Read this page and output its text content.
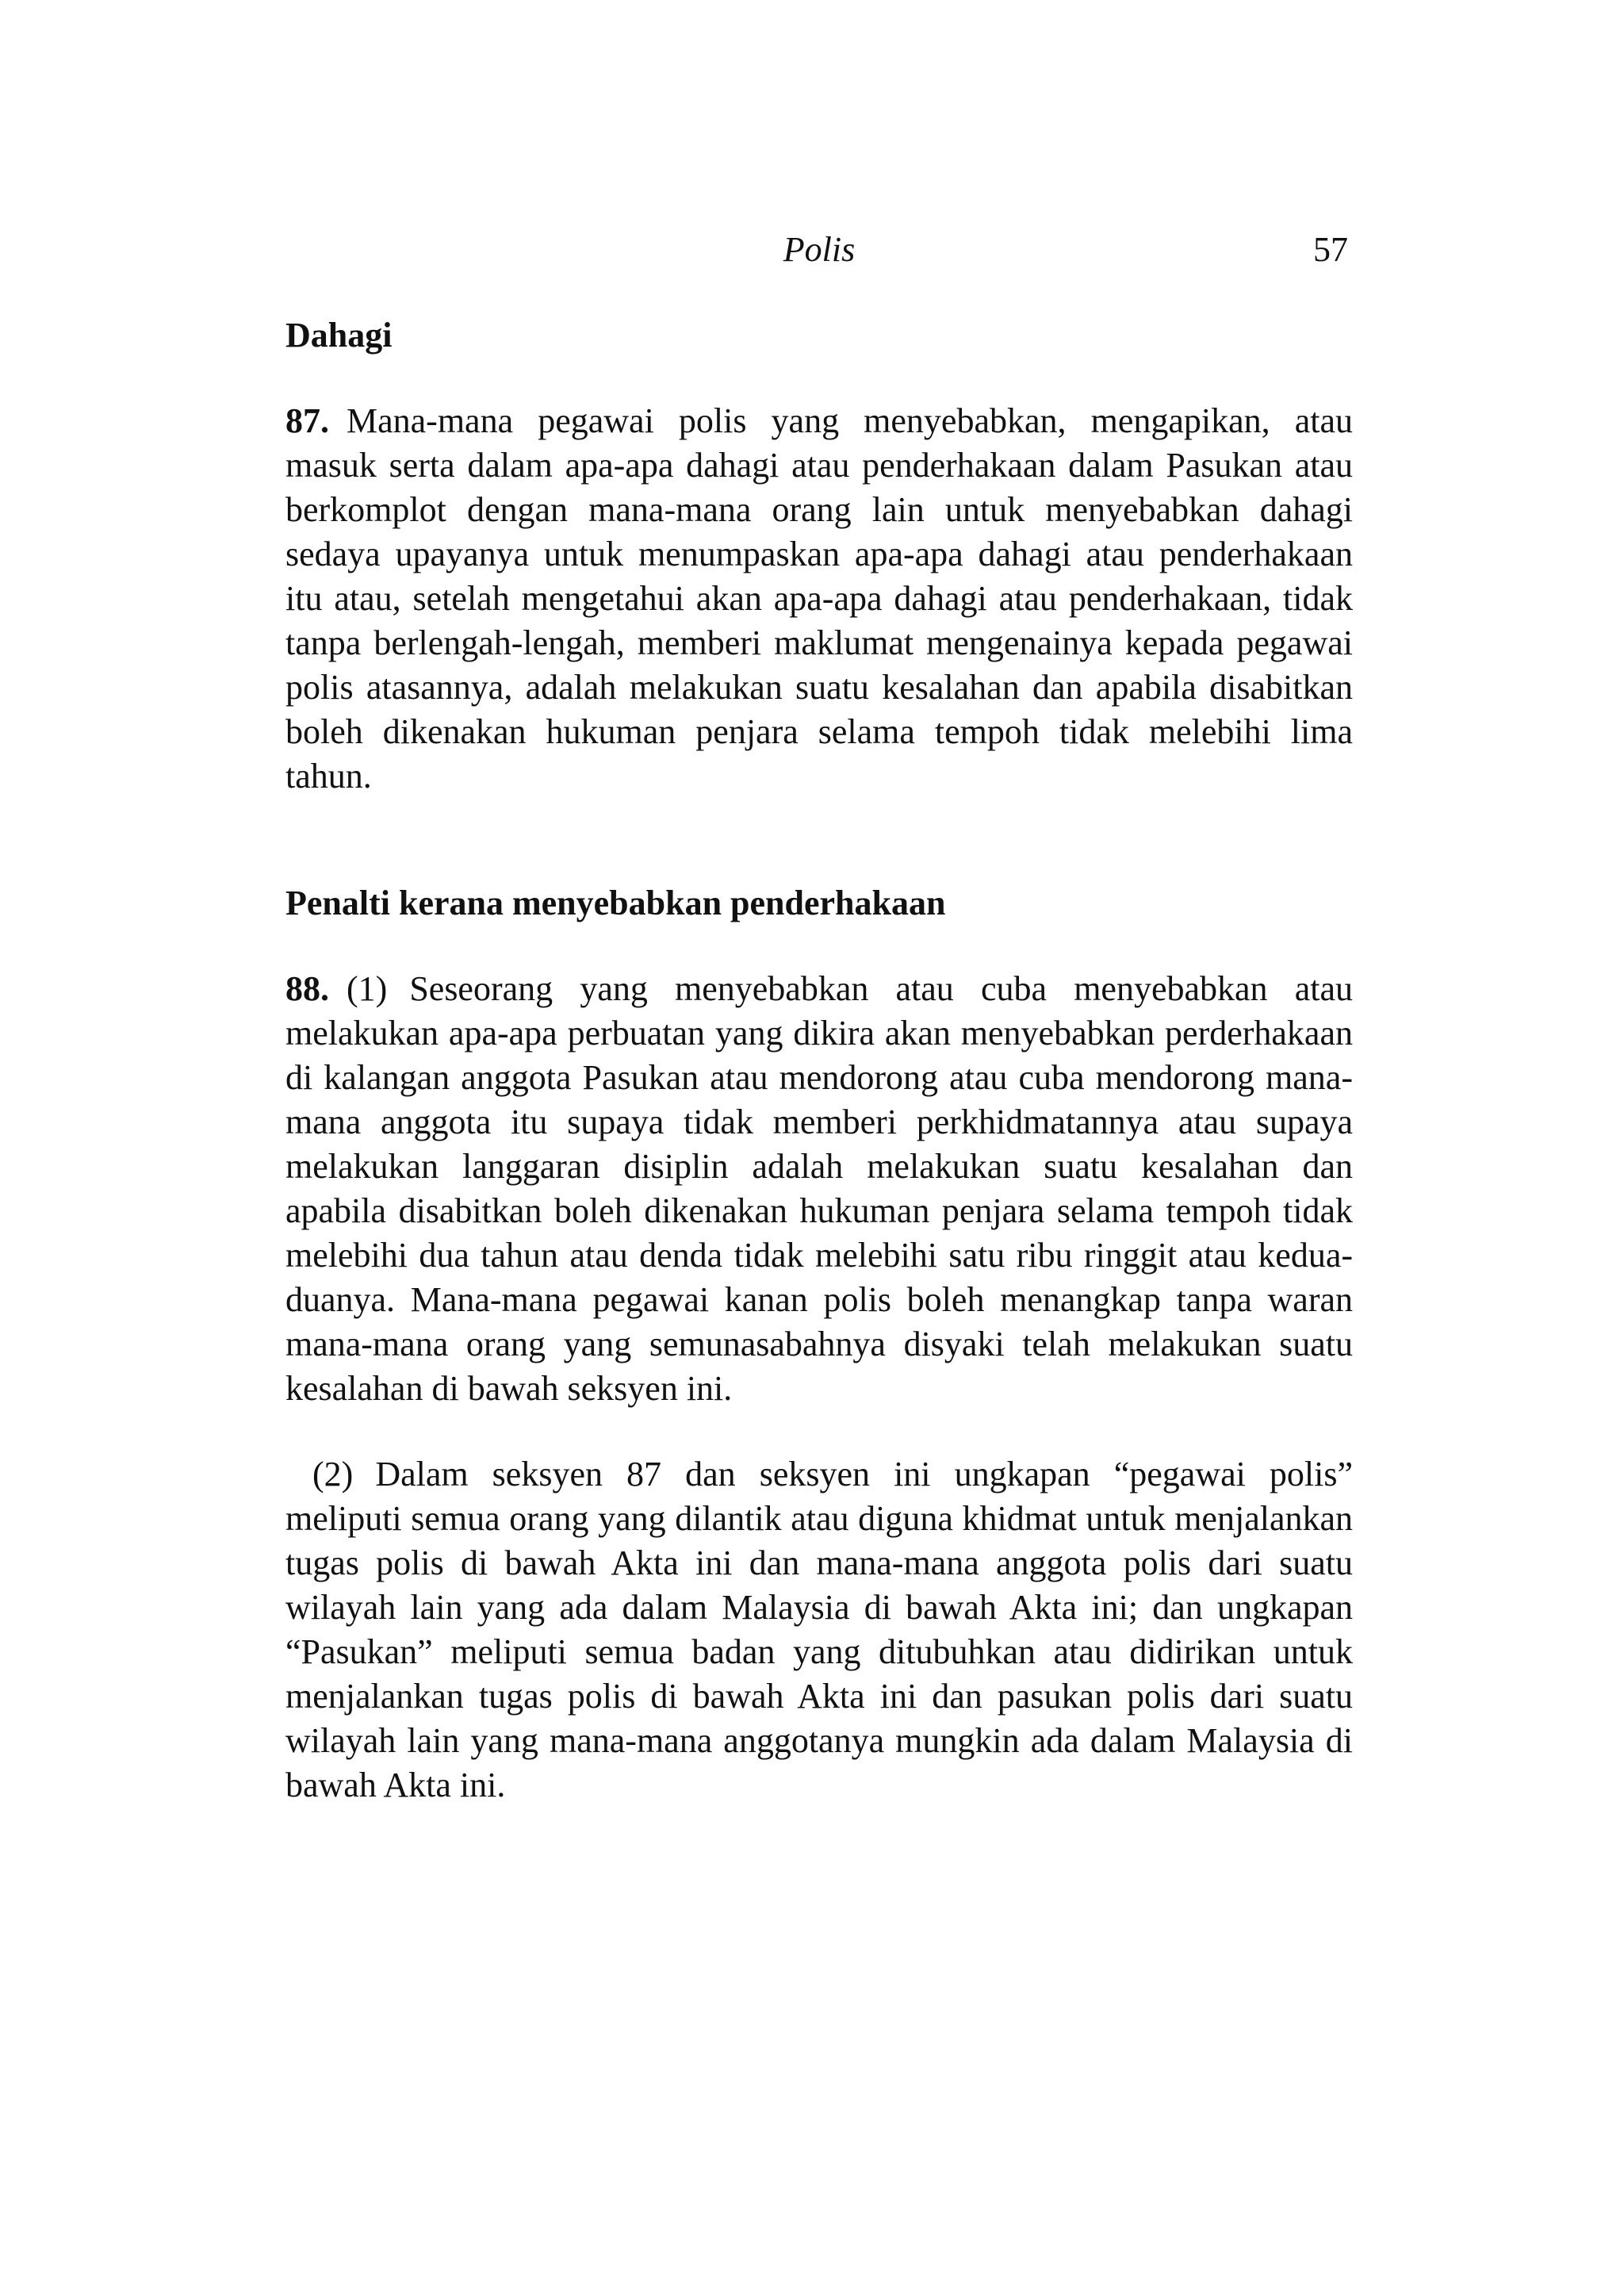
Polis	57
Dahagi

87. Mana-mana pegawai polis yang menyebabkan, mengapikan, atau masuk serta dalam apa-apa dahagi atau penderhakaan dalam Pasukan atau berkomplot dengan mana-mana orang lain untuk menyebabkan dahagi sedaya upayanya untuk menumpaskan apa-apa dahagi atau penderhakaan itu atau, setelah mengetahui akan apa-apa dahagi atau penderhakaan, tidak tanpa berlengah-lengah, memberi maklumat mengenainya kepada pegawai polis atasannya, adalah melakukan suatu kesalahan dan apabila disabitkan boleh dikenakan hukuman penjara selama tempoh tidak melebihi lima tahun.

Penalti kerana menyebabkan penderhakaan

88. (1) Seseorang yang menyebabkan atau cuba menyebabkan atau melakukan apa-apa perbuatan yang dikira akan menyebabkan perderhakaan di kalangan anggota Pasukan atau mendorong atau cuba mendorong mana-mana anggota itu supaya tidak memberi perkhidmatannya atau supaya melakukan langgaran disiplin adalah melakukan suatu kesalahan dan apabila disabitkan boleh dikenakan hukuman penjara selama tempoh tidak melebihi dua tahun atau denda tidak melebihi satu ribu ringgit atau kedua-duanya. Mana-mana pegawai kanan polis boleh menangkap tanpa waran mana-mana orang yang semunasabahnya disyaki telah melakukan suatu kesalahan di bawah seksyen ini.

(2) Dalam seksyen 87 dan seksyen ini ungkapan “pegawai polis” meliputi semua orang yang dilantik atau diguna khidmat untuk menjalankan tugas polis di bawah Akta ini dan mana-mana anggota polis dari suatu wilayah lain yang ada dalam Malaysia di bawah Akta ini; dan ungkapan “Pasukan” meliputi semua badan yang ditubuhkan atau didirikan untuk menjalankan tugas polis di bawah Akta ini dan pasukan polis dari suatu wilayah lain yang mana-mana anggotanya mungkin ada dalam Malaysia di bawah Akta ini.
